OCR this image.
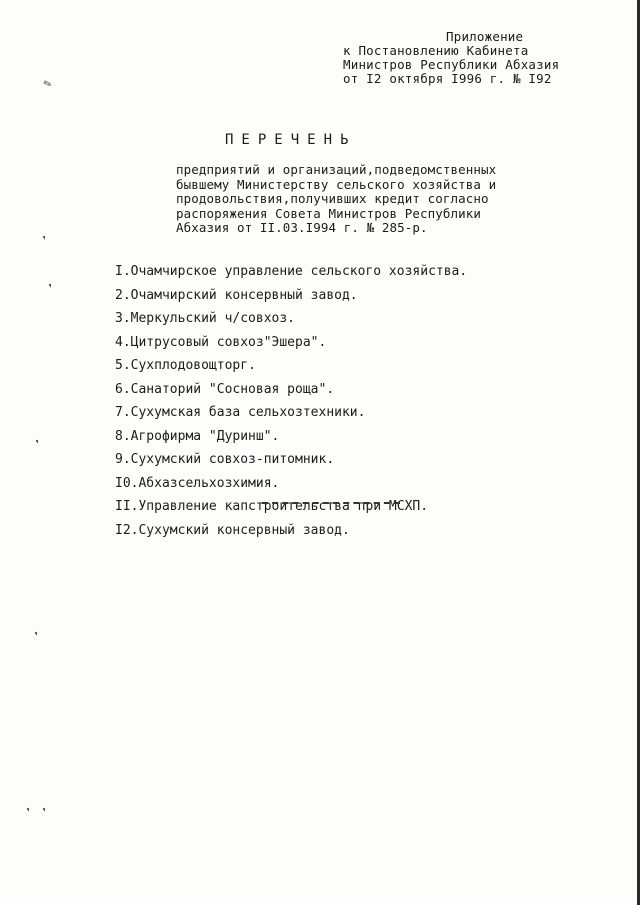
Приложение
к Постановлению Кабинета
Министров Республики Абхазия
от I2 октября I996 г. № I92
ПЕРЕЧЕНЬ
предприятий и организаций,подведомственных
бывшему Министерству сельского хозяйства и
продовольствия,получивших кредит согласно
распоряжения Совета Министров Республики
Абхазия от II.03.I994 г. № 285-р.
I.Очамчирское управление сельского хозяйства.
2.Очамчирский консервный завод.
3.Меркульский ч/совхоз.
4.Цитрусовый совхоз"Эшера".
5.Сухплодовощторг.
6.Санаторий "Сосновая роща".
7.Сухумская база сельхозтехники.
8.Агрофирма "Дуринш".
9.Сухумский совхоз-питомник.
I0.Абхазсельхозхимия.
II.Управление капстроительства при МСХП.
I2.Сухумский консервный завод.
✎
❜
❜
❜
❜
❜ ❜
